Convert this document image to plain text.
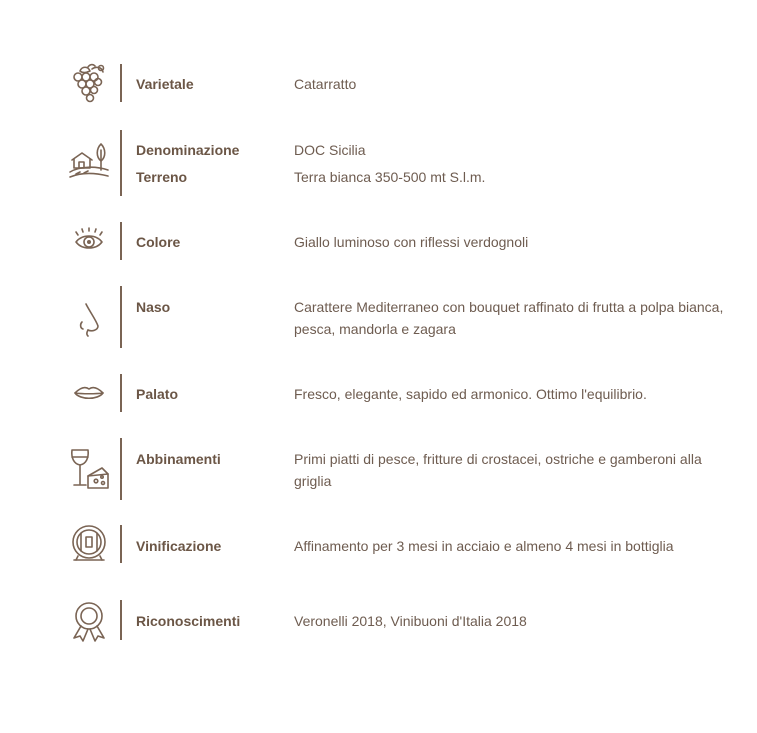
Varietale	Catarratto
Denominazione	DOC Sicilia
Terreno	Terra bianca 350-500 mt S.l.m.
Colore	Giallo luminoso con riflessi verdognoli
Naso	Carattere Mediterraneo con bouquet raffinato di frutta a polpa bianca, pesca, mandorla e zagara
Palato	Fresco, elegante, sapido ed armonico. Ottimo l'equilibrio.
Abbinamenti	Primi piatti di pesce, fritture di crostacei, ostriche e gamberoni alla griglia
Vinificazione	Affinamento per 3 mesi in acciaio e almeno 4 mesi in bottiglia
Riconoscimenti	Veronelli 2018, Vinibuoni d'Italia 2018
